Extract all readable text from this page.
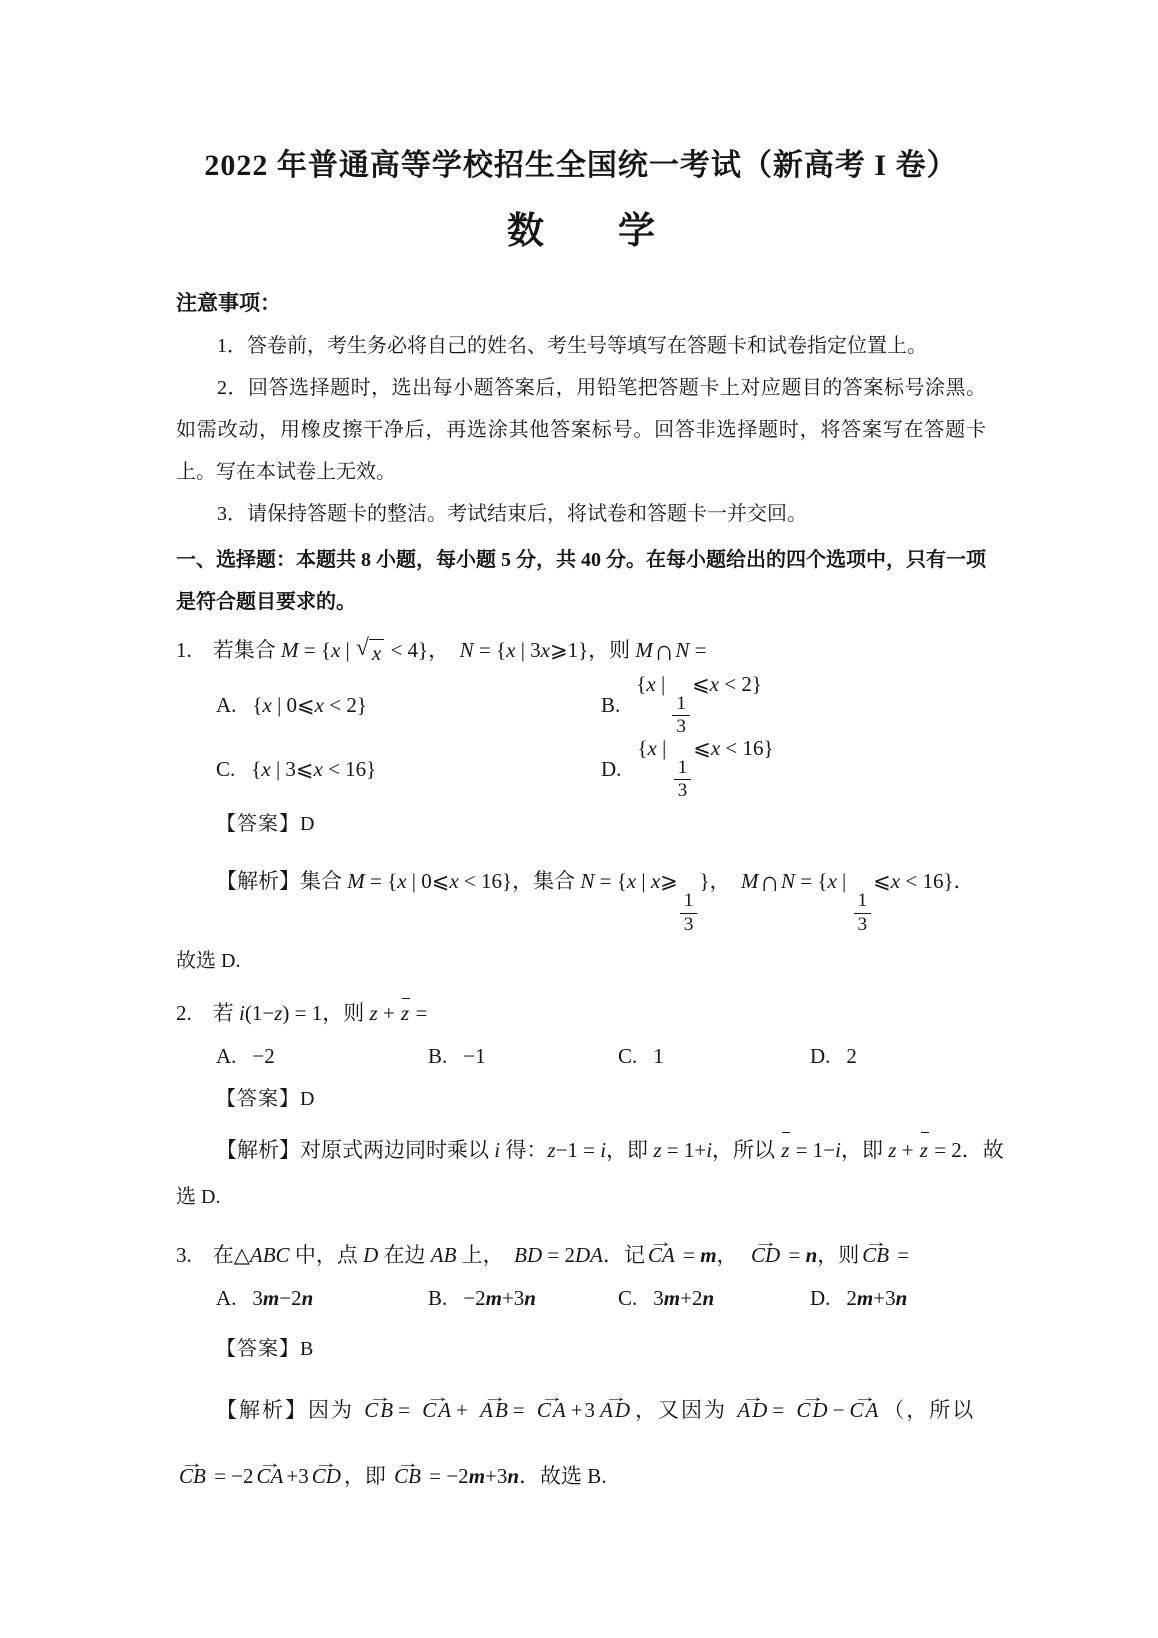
2022 年普通高等学校招生全国统一考试（新高考 I 卷）
数　　学
注意事项：

1．答卷前，考生务必将自己的姓名、考生号等填写在答题卡和试卷指定位置上。

2．回答选择题时，选出每小题答案后，用铅笔把答题卡上对应题目的答案标号涂黑。如需改动，用橡皮擦干净后，再选涂其他答案标号。回答非选择题时，将答案写在答题卡上。写在本试卷上无效。

3．请保持答题卡的整洁。考试结束后，将试卷和答题卡一并交回。

一、选择题：本题共 8 小题，每小题 5 分，共 40 分。在每小题给出的四个选项中，只有一项是符合题目要求的。

1.　若集合 M = {x | √ x < 4}，　N = {x | 3x⩾1}，则 M∩N =

A. {x | 0⩽x < 2}	B.
{x |
$\frac{1}{3}$
⩽x < 2}
C. {x | 3⩽x < 16}	D.
{x |
$\frac{1}{3}$
⩽x < 16}

【答案】D

【解析】集合 M = {x | 0⩽x < 16}，集合 N = {x | x⩾
$\frac{1}{3}$
}，　M∩N = {x |
$\frac{1}{3}$
⩽x < 16}．

故选 D.

2.　若 i(1−z) = 1，则 z + z =

A. −2	B. −1	C. 1	D. 2

【答案】D

【解析】对原式两边同时乘以 i 得：z−1 = i，即 z = 1+i，所以 z = 1−i，即 z + z = 2．故

选 D.

3.　在△ABC 中，点 D 在边 AB 上，　BD = 2DA．记 CA → = m，　CD → = n，则 CB → =

A. 3m−2n	B. −2m+3n	C. 3m+2n	D. 2m+3n

【答案】B

【解析】因为 CB → = CA → + AB → = CA → +3 AD → ，又因为 AD → = CD → − CA → （，所以

CB → = −2 CA → +3 CD → ，即 CB → = −2m+3n．故选 B.
